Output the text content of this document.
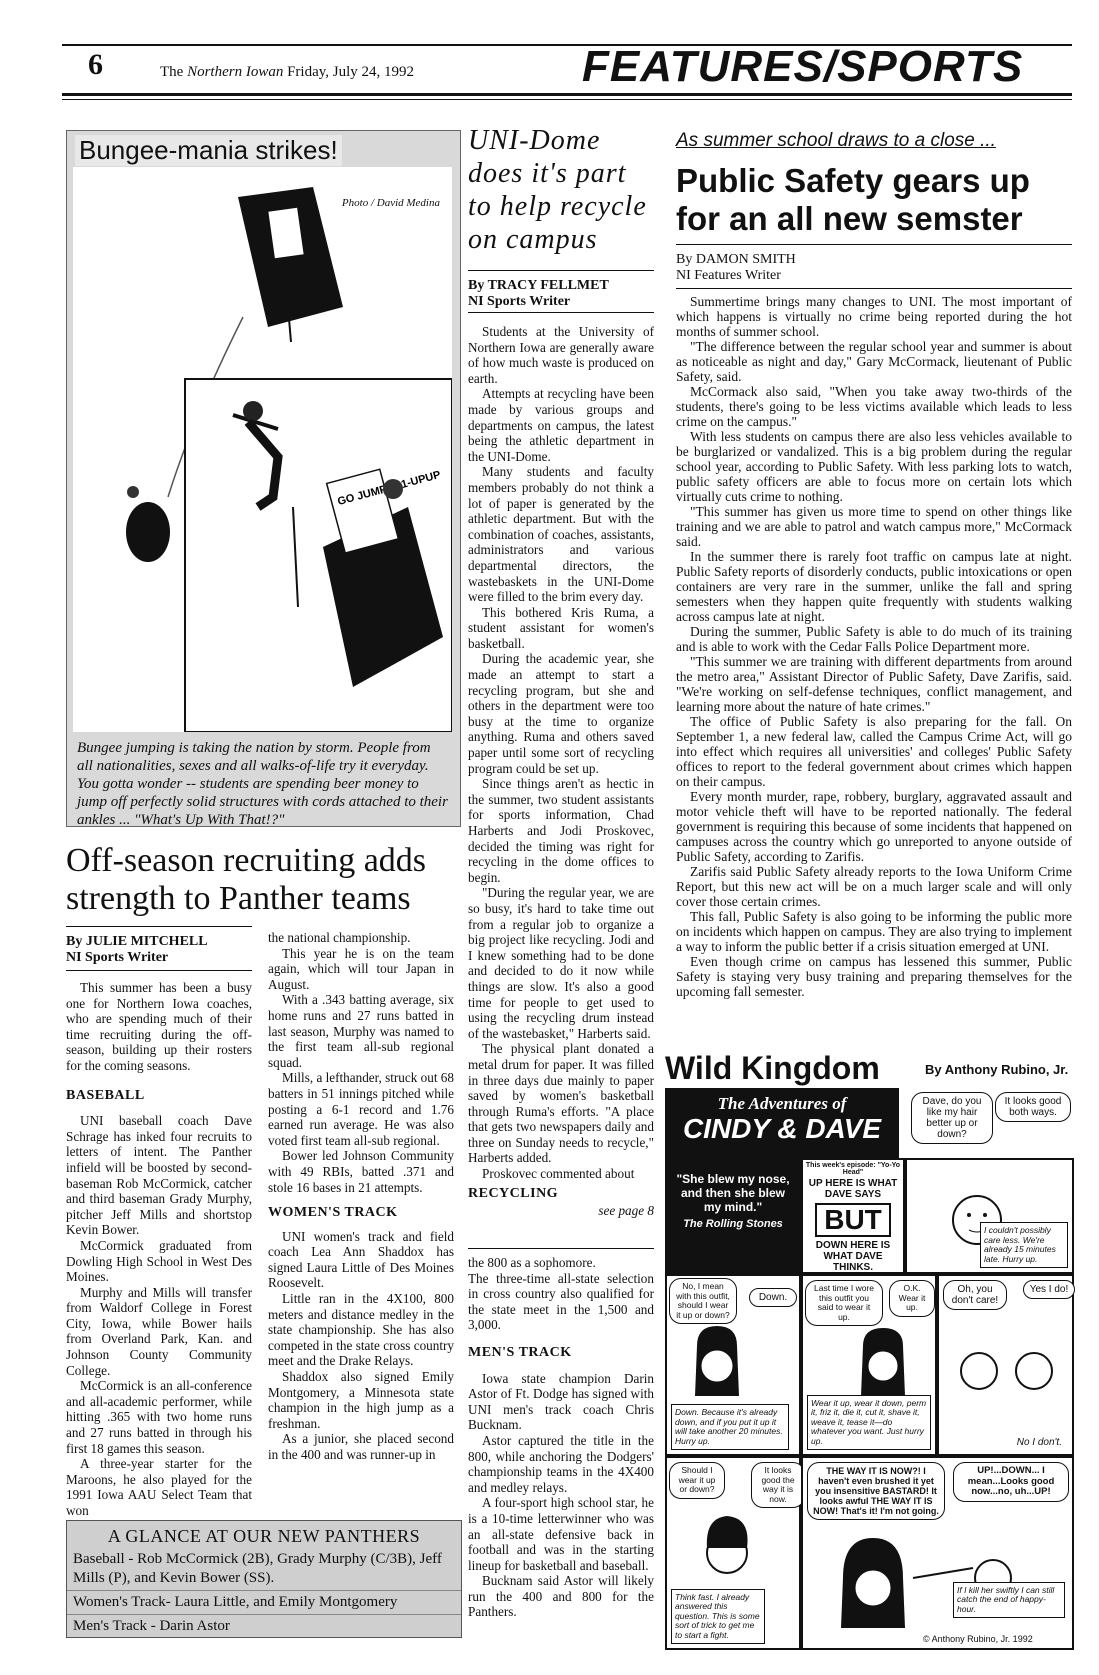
6	The Northern Iowan Friday, July 24, 1992	FEATURES/SPORTS
Bungee-mania strikes!
Photo / David Medina
GO JUMP 841-UPUP
Bungee jumping is taking the nation by storm. People from all nationalities, sexes and all walks-of-life try it everyday. You gotta wonder -- students are spending beer money to jump off perfectly solid structures with cords attached to their ankles ... "What's Up With That!?"
Off-season recruiting adds strength to Panther teams
By JULIE MITCHELL
NI Sports Writer

This summer has been a busy one for Northern Iowa coaches, who are spending much of their time recruiting during the off-season, building up their rosters for the coming seasons.

BASEBALL

UNI baseball coach Dave Schrage has inked four recruits to letters of intent. The Panther infield will be boosted by second-baseman Rob McCormick, catcher and third baseman Grady Murphy, pitcher Jeff Mills and shortstop Kevin Bower.

McCormick graduated from Dowling High School in West Des Moines.

Murphy and Mills will transfer from Waldorf College in Forest City, Iowa, while Bower hails from Overland Park, Kan. and Johnson County Community College.

McCormick is an all-conference and all-academic performer, while hitting .365 with two home runs and 27 runs batted in through his first 18 games this season.

A three-year starter for the Maroons, he also played for the 1991 Iowa AAU Select Team that won

the national championship.

This year he is on the team again, which will tour Japan in August.

With a .343 batting average, six home runs and 27 runs batted in last season, Murphy was named to the first team all-sub regional squad.

Mills, a lefthander, struck out 68 batters in 51 innings pitched while posting a 6-1 record and 1.76 earned run average. He was also voted first team all-sub regional.

Bower led Johnson Community with 49 RBIs, batted .371 and stole 16 bases in 21 attempts.

WOMEN'S TRACK

UNI women's track and field coach Lea Ann Shaddox has signed Laura Little of Des Moines Roosevelt.

Little ran in the 4X100, 800 meters and distance medley in the state championship. She has also competed in the state cross country meet and the Drake Relays.

Shaddox also signed Emily Montgomery, a Minnesota state champion in the high jump as a freshman.

As a junior, she placed second in the 400 and was runner-up in

the 800 as a sophomore.

The three-time all-state selection in cross country also qualified for the state meet in the 1,500 and 3,000.

MEN'S TRACK

Iowa state champion Darin Astor of Ft. Dodge has signed with UNI men's track coach Chris Bucknam.

Astor captured the title in the 800, while anchoring the Dodgers' championship teams in the 4X400 and medley relays.

A four-sport high school star, he is a 10-time letterwinner who was an all-state defensive back in football and was in the starting lineup for basketball and baseball.

Bucknam said Astor will likely run the 400 and 800 for the Panthers.

A GLANCE AT OUR NEW PANTHERS
Baseball - Rob McCormick (2B), Grady Murphy (C/3B), Jeff Mills (P), and Kevin Bower (SS).
Women's Track- Laura Little, and Emily Montgomery
Men's Track - Darin Astor
UNI-Dome does it's part to help recycle on campus
By TRACY FELLMET
NI Sports Writer

Students at the University of Northern Iowa are generally aware of how much waste is produced on earth.

Attempts at recycling have been made by various groups and departments on campus, the latest being the athletic department in the UNI-Dome.

Many students and faculty members probably do not think a lot of paper is generated by the athletic department. But with the combination of coaches, assistants, administrators and various departmental directors, the wastebaskets in the UNI-Dome were filled to the brim every day.

This bothered Kris Ruma, a student assistant for women's basketball.

During the academic year, she made an attempt to start a recycling program, but she and others in the department were too busy at the time to organize anything. Ruma and others saved paper until some sort of recycling program could be set up.

Since things aren't as hectic in the summer, two student assistants for sports information, Chad Harberts and Jodi Proskovec, decided the timing was right for recycling in the dome offices to begin.

"During the regular year, we are so busy, it's hard to take time out from a regular job to organize a big project like recycling. Jodi and I knew something had to be done and decided to do it now while things are slow. It's also a good time for people to get used to using the recycling drum instead of the wastebasket," Harberts said.

The physical plant donated a metal drum for paper. It was filled in three days due mainly to paper saved by women's basketball through Ruma's efforts. "A place that gets two newspapers daily and three on Sunday needs to recycle," Harberts added.

Proskovec commented about

RECYCLING
see page 8
As summer school draws to a close ...
Public Safety gears up for an all new semster
By DAMON SMITH
NI Features Writer

Summertime brings many changes to UNI. The most important of which happens is virtually no crime being reported during the hot months of summer school.

"The difference between the regular school year and summer is about as noticeable as night and day," Gary McCormack, lieutenant of Public Safety, said.

McCormack also said, "When you take away two-thirds of the students, there's going to be less victims available which leads to less crime on the campus."

With less students on campus there are also less vehicles available to be burglarized or vandalized. This is a big problem during the regular school year, according to Public Safety. With less parking lots to watch, public safety officers are able to focus more on certain lots which virtually cuts crime to nothing.

"This summer has given us more time to spend on other things like training and we are able to patrol and watch campus more," McCormack said.

In the summer there is rarely foot traffic on campus late at night. Public Safety reports of disorderly conducts, public intoxications or open containers are very rare in the summer, unlike the fall and spring semesters when they happen quite frequently with students walking across campus late at night.

During the summer, Public Safety is able to do much of its training and is able to work with the Cedar Falls Police Department more.

"This summer we are training with different departments from around the metro area," Assistant Director of Public Safety, Dave Zarifis, said. "We're working on self-defense techniques, conflict management, and learning more about the nature of hate crimes."

The office of Public Safety is also preparing for the fall. On September 1, a new federal law, called the Campus Crime Act, will go into effect which requires all universities' and colleges' Public Safety offices to report to the federal government about crimes which happen on their campus.

Every month murder, rape, robbery, burglary, aggravated assault and motor vehicle theft will have to be reported nationally. The federal government is requiring this because of some incidents that happened on campuses across the country which go unreported to anyone outside of Public Safety, according to Zarifis.

Zarifis said Public Safety already reports to the Iowa Uniform Crime Report, but this new act will be on a much larger scale and will only cover those certain crimes.

This fall, Public Safety is also going to be informing the public more on incidents which happen on campus. They are also trying to implement a way to inform the public better if a crisis situation emerged at UNI.

Even though crime on campus has lessened this summer, Public Safety is staying very busy training and preparing themselves for the upcoming fall semester.

Wild Kingdom	By Anthony Rubino, Jr.
The Adventures of
CINDY & DAVE
Dave, do you like my hair better up or down?
It looks good both ways.
"She blew my nose, and then she blew my mind."
The Rolling Stones
This week's episode: "Yo-Yo Head"
UP HERE IS WHAT DAVE SAYS
BUT
DOWN HERE IS WHAT DAVE THINKS.
I couldn't possibly care less. We're already 15 minutes late. Hurry up.
No, I mean with this outfit, should I wear it up or down?
Down.
Down. Because it's already down, and if you put it up it will take another 20 minutes. Hurry up.
Last time I wore this outfit you said to wear it up.
O.K. Wear it up.
Wear it up, wear it down, perm it, friz it, die it, cut it, shave it, weave it, tease it—do whatever you want. Just hurry up.
Oh, you don't care!
Yes I do!
No I don't.
Should I wear it up or down?
It looks good the way it is now.
Think fast. I already answered this question. This is some sort of trick to get me to start a fight.
THE WAY IT IS NOW?! I haven't even brushed it yet you insensitive BASTARD! It looks awful THE WAY IT IS NOW! That's it! I'm not going.
UP!...DOWN... I mean...Looks good now...no, uh...UP!
If I kill her swiftly I can still catch the end of happy-hour.
© Anthony Rubino, Jr. 1992
